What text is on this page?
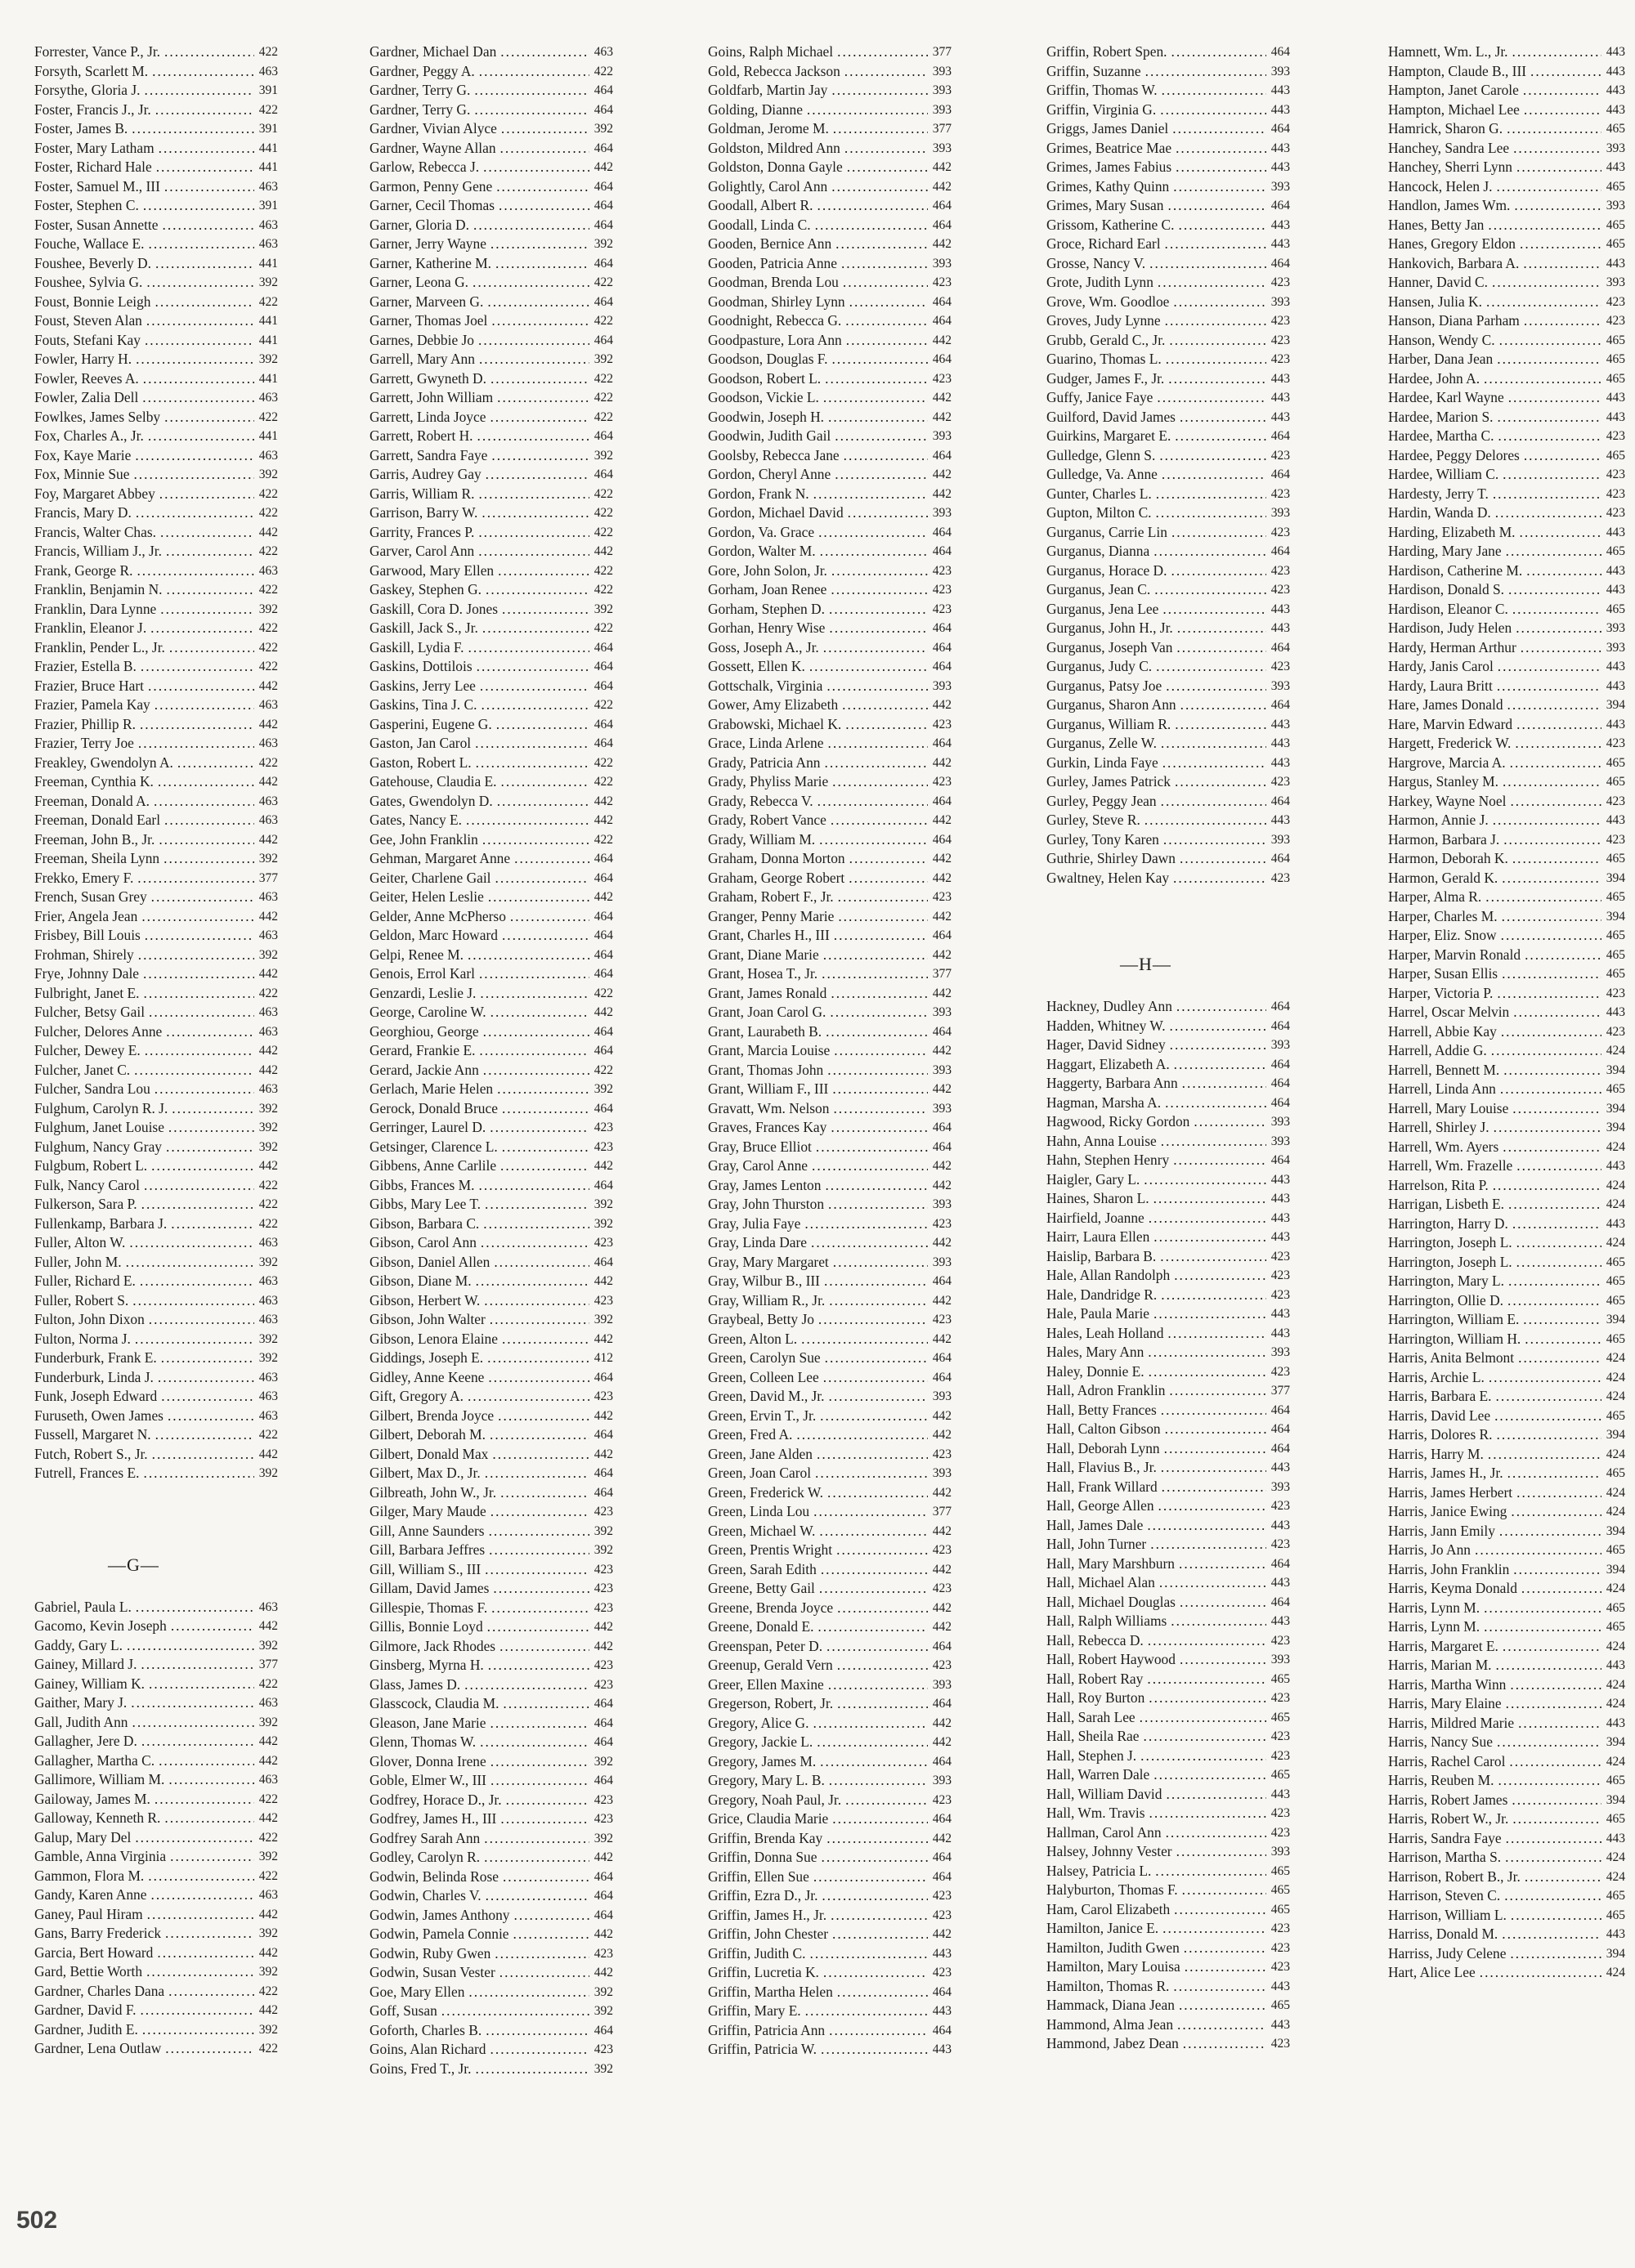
Forrester, Vance P., Jr. .....	422
Forsyth, Scarlett M. .....	463
Forsythe, Gloria J. .....	391
Foster, Francis J., Jr. .....	422
Foster, James B. .....	391
Foster, Mary Latham .....	441
Foster, Richard Hale .....	441
Foster, Samuel M., III .....	463
Foster, Stephen C. .....	391
Foster, Susan Annette .....	463
Fouche, Wallace E. .....	463
Foushee, Beverly D. .....	441
Foushee, Sylvia G. .....	392
Foust, Bonnie Leigh .....	422
Foust, Steven Alan .....	441
Fouts, Stefani Kay .....	441
Fowler, Harry H. .....	392
Fowler, Reeves A. .....	441
Fowler, Zalia Dell .....	463
Fowlkes, James Selby .....	422
Fox, Charles A., Jr. .....	441
Fox, Kaye Marie .....	463
Fox, Minnie Sue .....	392
Foy, Margaret Abbey .....	422
Francis, Mary D. .....	422
Francis, Walter Chas. .....	442
Francis, William J., Jr. .....	422
Frank, George R. .....	463
Franklin, Benjamin N. .....	422
Franklin, Dara Lynne .....	392
Franklin, Eleanor J. .....	422
Franklin, Pender L., Jr. .....	422
Frazier, Estella B. .....	422
Frazier, Bruce Hart .....	442
Frazier, Pamela Kay .....	463
Frazier, Phillip R. .....	442
Frazier, Terry Joe .....	463
Freakley, Gwendolyn A. .....	422
Freeman, Cynthia K. .....	442
Freeman, Donald A. .....	463
Freeman, Donald Earl .....	463
Freeman, John B., Jr. .....	442
Freeman, Sheila Lynn .....	392
Frekko, Emery F. .....	377
French, Susan Grey .....	463
Frier, Angela Jean .....	442
Frisbey, Bill Louis .....	463
Frohman, Shirely .....	392
Frye, Johnny Dale .....	442
Fulbright, Janet E. .....	422
Fulcher, Betsy Gail .....	463
Fulcher, Delores Anne .....	463
Fulcher, Dewey E. .....	442
Fulcher, Janet C. .....	442
Fulcher, Sandra Lou .....	463
Fulghum, Carolyn R. J. .....	392
Fulghum, Janet Louise .....	392
Fulghum, Nancy Gray .....	392
Fulgbum, Robert L. .....	442
Fulk, Nancy Carol .....	422
Fulkerson, Sara P. .....	422
Fullenkamp, Barbara J. .....	422
Fuller, Alton W. .....	463
Fuller, John M. .....	392
Fuller, Richard E. .....	463
Fuller, Robert S. .....	463
Fulton, John Dixon .....	463
Fulton, Norma J. .....	392
Funderburk, Frank E. .....	392
Funderburk, Linda J. .....	463
Funk, Joseph Edward .....	463
Furuseth, Owen James .....	463
Fussell, Margaret N. .....	422
Futch, Robert S., Jr. .....	442
Futrell, Frances E. .....	392
—G—
Gabriel, Paula L. .....	463
Gacomo, Kevin Joseph .....	442
Gaddy, Gary L. .....	392
Gainey, Millard J. .....	377
Gainey, William K. .....	422
Gaither, Mary J. .....	463
Gall, Judith Ann .....	392
Gallagher, Jere D. .....	442
Gallagher, Martha C. .....	442
Gallimore, William M. .....	463
Gailoway, James M. .....	422
Galloway, Kenneth R. .....	442
Galup, Mary Del .....	422
Gamble, Anna Virginia .....	392
Gammon, Flora M. .....	422
Gandy, Karen Anne .....	463
Ganey, Paul Hiram .....	442
Gans, Barry Frederick .....	392
Garcia, Bert Howard .....	442
Gard, Bettie Worth .....	392
Gardner, Charles Dana .....	422
Gardner, David F. .....	442
Gardner, Judith E. .....	392
Gardner, Lena Outlaw .....	422
Gardner, Michael Dan .....	463
Gardner, Peggy A. .....	422
Gardner, Terry G. .....	464
Gardner, Terry G. .....	464
Gardner, Vivian Alyce .....	392
Gardner, Wayne Allan .....	464
Garlow, Rebecca J. .....	442
Garmon, Penny Gene .....	464
Garner, Cecil Thomas .....	464
Garner, Gloria D. .....	464
Garner, Jerry Wayne .....	392
Garner, Katherine M. .....	464
Garner, Leona G. .....	422
Garner, Marveen G. .....	464
Garner, Thomas Joel .....	422
Garnes, Debbie Jo .....	464
Garrell, Mary Ann .....	392
Garrett, Gwyneth D. .....	422
Garrett, John William .....	422
Garrett, Linda Joyce .....	422
Garrett, Robert H. .....	464
Garrett, Sandra Faye .....	392
Garris, Audrey Gay .....	464
Garris, William R. .....	422
Garrison, Barry W. .....	422
Garrity, Frances P. .....	422
Garver, Carol Ann .....	442
Garwood, Mary Ellen .....	422
Gaskey, Stephen G. .....	422
Gaskill, Cora D. Jones .....	392
Gaskill, Jack S., Jr. .....	422
Gaskill, Lydia F. .....	464
Gaskins, Dottilois .....	464
Gaskins, Jerry Lee .....	464
Gaskins, Tina J. C. .....	422
Gasperini, Eugene G. .....	464
Gaston, Jan Carol .....	464
Gaston, Robert L. .....	422
Gatehouse, Claudia E. .....	422
Gates, Gwendolyn D. .....	442
Gates, Nancy E. .....	442
Gee, John Franklin .....	422
Gehman, Margaret Anne .....	464
Geiter, Charlene Gail .....	464
Geiter, Helen Leslie .....	442
Gelder, Anne McPherso .....	464
Geldon, Marc Howard .....	464
Gelpi, Renee M. .....	464
Genois, Errol Karl .....	464
Genzardi, Leslie J. .....	422
George, Caroline W. .....	442
Georghiou, George .....	464
Gerard, Frankie E. .....	464
Gerard, Jackie Ann .....	422
Gerlach, Marie Helen .....	392
Gerock, Donald Bruce .....	464
Gerringer, Laurel D. .....	423
Getsinger, Clarence L. .....	423
Gibbens, Anne Carlile .....	442
Gibbs, Frances M. .....	464
Gibbs, Mary Lee T. .....	392
Gibson, Barbara C. .....	392
Gibson, Carol Ann .....	423
Gibson, Daniel Allen .....	464
Gibson, Diane M. .....	442
Gibson, Herbert W. .....	423
Gibson, John Walter .....	392
Gibson, Lenora Elaine .....	442
Giddings, Joseph E. .....	412
Gidley, Anne Keene .....	464
Gift, Gregory A. .....	423
Gilbert, Brenda Joyce .....	442
Gilbert, Deborah M. .....	464
Gilbert, Donald Max .....	442
Gilbert, Max D., Jr. .....	464
Gilbreath, John W., Jr. .....	464
Gilger, Mary Maude .....	423
Gill, Anne Saunders .....	392
Gill, Barbara Jeffres .....	392
Gill, William S., III .....	423
Gillam, David James .....	423
Gillespie, Thomas F. .....	423
Gillis, Bonnie Loyd .....	442
Gilmore, Jack Rhodes .....	442
Ginsberg, Myrna H. .....	423
Glass, James D. .....	423
Glasscock, Claudia M. .....	464
Gleason, Jane Marie .....	464
Glenn, Thomas W. .....	464
Glover, Donna Irene .....	392
Goble, Elmer W., III .....	464
Godfrey, Horace D., Jr. .....	423
Godfrey, James H., III .....	423
Godfrey Sarah Ann .....	392
Godley, Carolyn R. .....	442
Godwin, Belinda Rose .....	464
Godwin, Charles V. .....	464
Godwin, James Anthony .....	464
Godwin, Pamela Connie .....	442
Godwin, Ruby Gwen .....	423
Godwin, Susan Vester .....	442
Goe, Mary Ellen .....	392
Goff, Susan .....	392
Goforth, Charles B. .....	464
Goins, Alan Richard .....	423
Goins, Fred T., Jr. .....	392
Goins, Ralph Michael .....	377
Gold, Rebecca Jackson .....	393
Goldfarb, Martin Jay .....	393
Golding, Dianne .....	393
Goldman, Jerome M. .....	377
Goldston, Mildred Ann .....	393
Goldston, Donna Gayle .....	442
Golightly, Carol Ann .....	442
Goodall, Albert R. .....	464
Goodall, Linda C. .....	464
Gooden, Bernice Ann .....	442
Gooden, Patricia Anne .....	393
Goodman, Brenda Lou .....	423
Goodman, Shirley Lynn .....	464
Goodnight, Rebecca G. .....	464
Goodpasture, Lora Ann .....	442
Goodson, Douglas F. .....	464
Goodson, Robert L. .....	423
Goodson, Vickie L. .....	442
Goodwin, Joseph H. .....	442
Goodwin, Judith Gail .....	393
Goolsby, Rebecca Jane .....	464
Gordon, Cheryl Anne .....	442
Gordon, Frank N. .....	442
Gordon, Michael David .....	393
Gordon, Va. Grace .....	464
Gordon, Walter M. .....	464
Gore, John Solon, Jr. .....	423
Gorham, Joan Renee .....	423
Gorham, Stephen D. .....	423
Gorhan, Henry Wise .....	464
Goss, Joseph A., Jr. .....	464
Gossett, Ellen K. .....	464
Gottschalk, Virginia .....	393
Gower, Amy Elizabeth .....	442
Grabowski, Michael K. .....	423
Grace, Linda Arlene .....	464
Grady, Patricia Ann .....	442
Grady, Phyliss Marie .....	423
Grady, Rebecca V. .....	464
Grady, Robert Vance .....	442
Grady, William M. .....	464
Graham, Donna Morton .....	442
Graham, George Robert .....	442
Graham, Robert F., Jr. .....	423
Granger, Penny Marie .....	442
Grant, Charles H., III .....	464
Grant, Diane Marie .....	442
Grant, Hosea T., Jr. .....	377
Grant, James Ronald .....	442
Grant, Joan Carol G. .....	393
Grant, Laurabeth B. .....	464
Grant, Marcia Louise .....	442
Grant, Thomas John .....	393
Grant, William F., III .....	442
Gravatt, Wm. Nelson .....	393
Graves, Frances Kay .....	464
Gray, Bruce Elliot .....	464
Gray, Carol Anne .....	442
Gray, James Lenton .....	442
Gray, John Thurston .....	393
Gray, Julia Faye .....	423
Gray, Linda Dare .....	442
Gray, Mary Margaret .....	393
Gray, Wilbur B., III .....	464
Gray, William R., Jr. .....	442
Graybeal, Betty Jo .....	423
Green, Alton L. .....	442
Green, Carolyn Sue .....	464
Green, Colleen Lee .....	464
Green, David M., Jr. .....	393
Green, Ervin T., Jr. .....	442
Green, Fred A. .....	442
Green, Jane Alden .....	423
Green, Joan Carol .....	393
Green, Frederick W. .....	442
Green, Linda Lou .....	377
Green, Michael W. .....	442
Green, Prentis Wright .....	423
Green, Sarah Edith .....	442
Greene, Betty Gail .....	423
Greene, Brenda Joyce .....	442
Greene, Donald E. .....	442
Greenspan, Peter D. .....	464
Greenup, Gerald Vern .....	423
Greer, Ellen Maxine .....	393
Gregerson, Robert, Jr. .....	464
Gregory, Alice G. .....	442
Gregory, Jackie L. .....	442
Gregory, James M. .....	464
Gregory, Mary L. B. .....	393
Gregory, Noah Paul, Jr. .....	423
Grice, Claudia Marie .....	464
Griffin, Brenda Kay .....	442
Griffin, Donna Sue .....	464
Griffin, Ellen Sue .....	464
Griffin, Ezra D., Jr. .....	423
Griffin, James H., Jr. .....	423
Griffin, John Chester .....	442
Griffin, Judith C. .....	443
Griffin, Lucretia K. .....	423
Griffin, Martha Helen .....	464
Griffin, Mary E. .....	443
Griffin, Patricia Ann .....	464
Griffin, Patricia W. .....	443
Griffin, Robert Spen. .....	464
Griffin, Suzanne .....	393
Griffin, Thomas W. .....	443
Griffin, Virginia G. .....	443
Griggs, James Daniel .....	464
Grimes, Beatrice Mae .....	443
Grimes, James Fabius .....	443
Grimes, Kathy Quinn .....	393
Grimes, Mary Susan .....	464
Grissom, Katherine C. .....	443
Groce, Richard Earl .....	443
Grosse, Nancy V. .....	464
Grote, Judith Lynn .....	423
Grove, Wm. Goodloe .....	393
Groves, Judy Lynne .....	423
Grubb, Gerald C., Jr. .....	423
Guarino, Thomas L. .....	423
Gudger, James F., Jr. .....	443
Guffy, Janice Faye .....	443
Guilford, David James .....	443
Guirkins, Margaret E. .....	464
Gulledge, Glenn S. .....	423
Gulledge, Va. Anne .....	464
Gunter, Charles L. .....	423
Gupton, Milton C. .....	393
Gurganus, Carrie Lin .....	423
Gurganus, Dianna .....	464
Gurganus, Horace D. .....	423
Gurganus, Jean C. .....	423
Gurganus, Jena Lee .....	443
Gurganus, John H., Jr. .....	443
Gurganus, Joseph Van .....	464
Gurganus, Judy C. .....	423
Gurganus, Patsy Joe .....	393
Gurganus, Sharon Ann .....	464
Gurganus, William R. .....	443
Gurganus, Zelle W. .....	443
Gurkin, Linda Faye .....	443
Gurley, James Patrick .....	423
Gurley, Peggy Jean .....	464
Gurley, Steve R. .....	443
Gurley, Tony Karen .....	393
Guthrie, Shirley Dawn .....	464
Gwaltney, Helen Kay .....	423
—H—
Hackney, Dudley Ann .....	464
Hadden, Whitney W. .....	464
Hager, David Sidney .....	393
Haggart, Elizabeth A. .....	464
Haggerty, Barbara Ann .....	464
Hagman, Marsha A. .....	464
Hagwood, Ricky Gordon .....	393
Hahn, Anna Louise .....	393
Hahn, Stephen Henry .....	464
Haigler, Gary L. .....	443
Haines, Sharon L. .....	443
Hairfield, Joanne .....	443
Hairr, Laura Ellen .....	443
Haislip, Barbara B. .....	423
Hale, Allan Randolph .....	423
Hale, Dandridge R. .....	423
Hale, Paula Marie .....	443
Hales, Leah Holland .....	443
Hales, Mary Ann .....	393
Haley, Donnie E. .....	423
Hall, Adron Franklin .....	377
Hall, Betty Frances .....	464
Hall, Calton Gibson .....	464
Hall, Deborah Lynn .....	464
Hall, Flavius B., Jr. .....	443
Hall, Frank Willard .....	393
Hall, George Allen .....	423
Hall, James Dale .....	443
Hall, John Turner .....	423
Hall, Mary Marshburn .....	464
Hall, Michael Alan .....	443
Hall, Michael Douglas .....	464
Hall, Ralph Williams .....	443
Hall, Rebecca D. .....	423
Hall, Robert Haywood .....	393
Hall, Robert Ray .....	465
Hall, Roy Burton .....	423
Hall, Sarah Lee .....	465
Hall, Sheila Rae .....	423
Hall, Stephen J. .....	423
Hall, Warren Dale .....	465
Hall, William David .....	443
Hall, Wm. Travis .....	423
Hallman, Carol Ann .....	423
Halsey, Johnny Vester .....	393
Halsey, Patricia L. .....	465
Halyburton, Thomas F. .....	465
Ham, Carol Elizabeth .....	465
Hamilton, Janice E. .....	423
Hamilton, Judith Gwen .....	423
Hamilton, Mary Louisa .....	423
Hamilton, Thomas R. .....	443
Hammack, Diana Jean .....	465
Hammond, Alma Jean .....	443
Hammond, Jabez Dean .....	423
Hamnett, Wm. L., Jr. .....	443
Hampton, Claude B., III .....	443
Hampton, Janet Carole .....	443
Hampton, Michael Lee .....	443
Hamrick, Sharon G. .....	465
Hanchey, Sandra Lee .....	393
Hanchey, Sherri Lynn .....	443
Hancock, Helen J. .....	465
Handlon, James Wm. .....	393
Hanes, Betty Jan .....	465
Hanes, Gregory Eldon .....	465
Hankovich, Barbara A. .....	443
Hanner, David C. .....	393
Hansen, Julia K. .....	423
Hanson, Diana Parham .....	423
Hanson, Wendy C. .....	465
Harber, Dana Jean .....	465
Hardee, John A. .....	465
Hardee, Karl Wayne .....	443
Hardee, Marion S. .....	443
Hardee, Martha C. .....	423
Hardee, Peggy Delores .....	465
Hardee, William C. .....	423
Hardesty, Jerry T. .....	423
Hardin, Wanda D. .....	423
Harding, Elizabeth M. .....	443
Harding, Mary Jane .....	465
Hardison, Catherine M. .....	443
Hardison, Donald S. .....	443
Hardison, Eleanor C. .....	465
Hardison, Judy Helen .....	393
Hardy, Herman Arthur .....	393
Hardy, Janis Carol .....	443
Hardy, Laura Britt .....	443
Hare, James Donald .....	394
Hare, Marvin Edward .....	443
Hargett, Frederick W. .....	423
Hargrove, Marcia A. .....	465
Hargus, Stanley M. .....	465
Harkey, Wayne Noel .....	423
Harmon, Annie J. .....	443
Harmon, Barbara J. .....	423
Harmon, Deborah K. .....	465
Harmon, Gerald K. .....	394
Harper, Alma R. .....	465
Harper, Charles M. .....	394
Harper, Eliz. Snow .....	465
Harper, Marvin Ronald .....	465
Harper, Susan Ellis .....	465
Harper, Victoria P. .....	423
Harrel, Oscar Melvin .....	443
Harrell, Abbie Kay .....	423
Harrell, Addie G. .....	424
Harrell, Bennett M. .....	394
Harrell, Linda Ann .....	465
Harrell, Mary Louise .....	394
Harrell, Shirley J. .....	394
Harrell, Wm. Ayers .....	424
Harrell, Wm. Frazelle .....	443
Harrelson, Rita P. .....	424
Harrigan, Lisbeth E. .....	424
Harrington, Harry D. .....	443
Harrington, Joseph L. .....	424
Harrington, Joseph L. .....	465
Harrington, Mary L. .....	465
Harrington, Ollie D. .....	465
Harrington, William E. .....	394
Harrington, William H. .....	465
Harris, Anita Belmont .....	424
Harris, Archie L. .....	424
Harris, Barbara E. .....	424
Harris, David Lee .....	465
Harris, Dolores R. .....	394
Harris, Harry M. .....	424
Harris, James H., Jr. .....	465
Harris, James Herbert .....	424
Harris, Janice Ewing .....	424
Harris, Jann Emily .....	394
Harris, Jo Ann .....	465
Harris, John Franklin .....	394
Harris, Keyma Donald .....	424
Harris, Lynn M. .....	465
Harris, Lynn M. .....	465
Harris, Margaret E. .....	424
Harris, Marian M. .....	443
Harris, Martha Winn .....	424
Harris, Mary Elaine .....	424
Harris, Mildred Marie .....	443
Harris, Nancy Sue .....	394
Harris, Rachel Carol .....	424
Harris, Reuben M. .....	465
Harris, Robert James .....	394
Harris, Robert W., Jr. .....	465
Harris, Sandra Faye .....	443
Harrison, Martha S. .....	424
Harrison, Robert B., Jr. .....	424
Harrison, Steven C. .....	465
Harrison, William L. .....	465
Harriss, Donald M. .....	443
Harriss, Judy Celene .....	394
Hart, Alice Lee .....	424
502
